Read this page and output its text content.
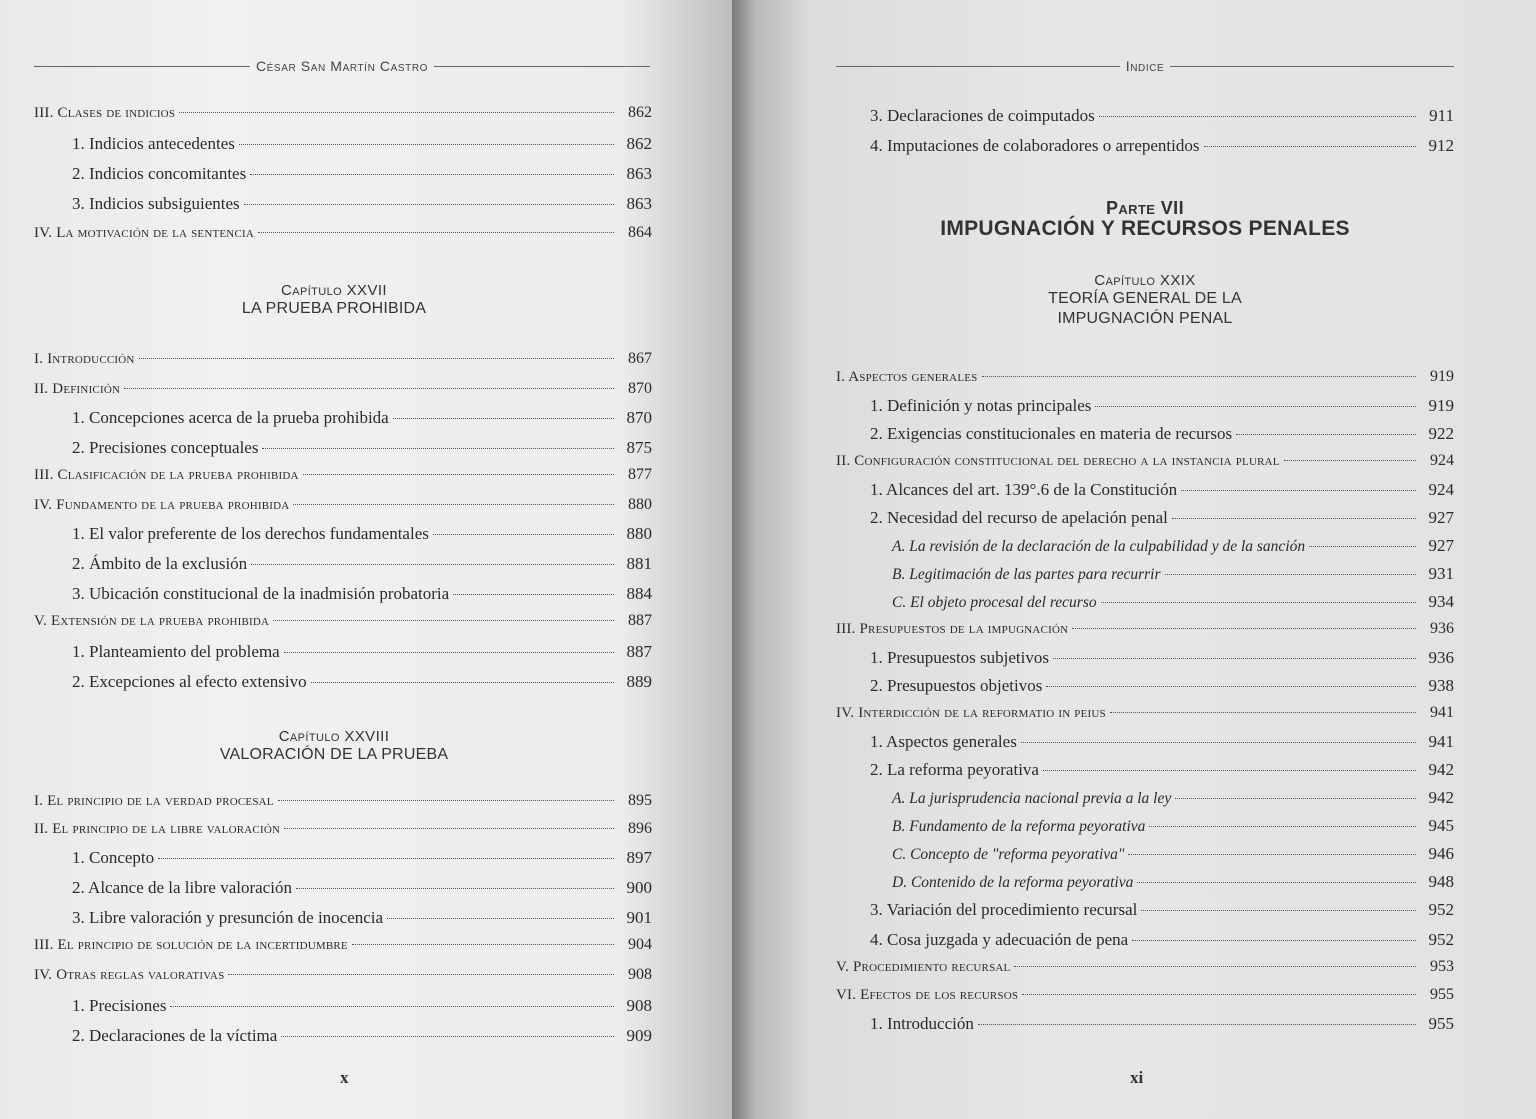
César San Martín Castro
III. Clases de indicios	862
1. Indicios antecedentes	862
2. Indicios concomitantes	863
3. Indicios subsiguientes	863
IV. La motivación de la sentencia	864
Capítulo XXVII
LA PRUEBA PROHIBIDA
I. Introducción	867
II. Definición	870
1. Concepciones acerca de la prueba prohibida	870
2. Precisiones conceptuales	875
III. Clasificación de la prueba prohibida	877
IV. Fundamento de la prueba prohibida	880
1. El valor preferente de los derechos fundamentales	880
2. Ámbito de la exclusión	881
3. Ubicación constitucional de la inadmisión probatoria	884
V. Extensión de la prueba prohibida	887
1. Planteamiento del problema	887
2. Excepciones al efecto extensivo	889
Capítulo XXVIII
VALORACIÓN DE LA PRUEBA
I. El principio de la verdad procesal	895
II. El principio de la libre valoración	896
1. Concepto	897
2. Alcance de la libre valoración	900
3. Libre valoración y presunción de inocencia	901
III. El principio de solución de la incertidumbre	904
IV. Otras reglas valorativas	908
1. Precisiones	908
2. Declaraciones de la víctima	909
x
Indice
3. Declaraciones de coimputados	911
4. Imputaciones de colaboradores o arrepentidos	912
Parte VII
IMPUGNACIÓN Y RECURSOS PENALES
Capítulo XXIX
TEORÍA GENERAL DE LA
IMPUGNACIÓN PENAL
I. Aspectos generales	919
1. Definición y notas principales	919
2. Exigencias constitucionales en materia de recursos	922
II. Configuración constitucional del derecho a la instancia plural	924
1. Alcances del art. 139°.6 de la Constitución	924
2. Necesidad del recurso de apelación penal	927
A. La revisión de la declaración de la culpabilidad y de la sanción	927
B. Legitimación de las partes para recurrir	931
C. El objeto procesal del recurso	934
III. Presupuestos de la impugnación	936
1. Presupuestos subjetivos	936
2. Presupuestos objetivos	938
IV. Interdicción de la reformatio in peius	941
1. Aspectos generales	941
2. La reforma peyorativa	942
A. La jurisprudencia nacional previa a la ley	942
B. Fundamento de la reforma peyorativa	945
C. Concepto de "reforma peyorativa"	946
D. Contenido de la reforma peyorativa	948
3. Variación del procedimiento recursal	952
4. Cosa juzgada y adecuación de pena	952
V. Procedimiento recursal	953
VI. Efectos de los recursos	955
1. Introducción	955
xi
